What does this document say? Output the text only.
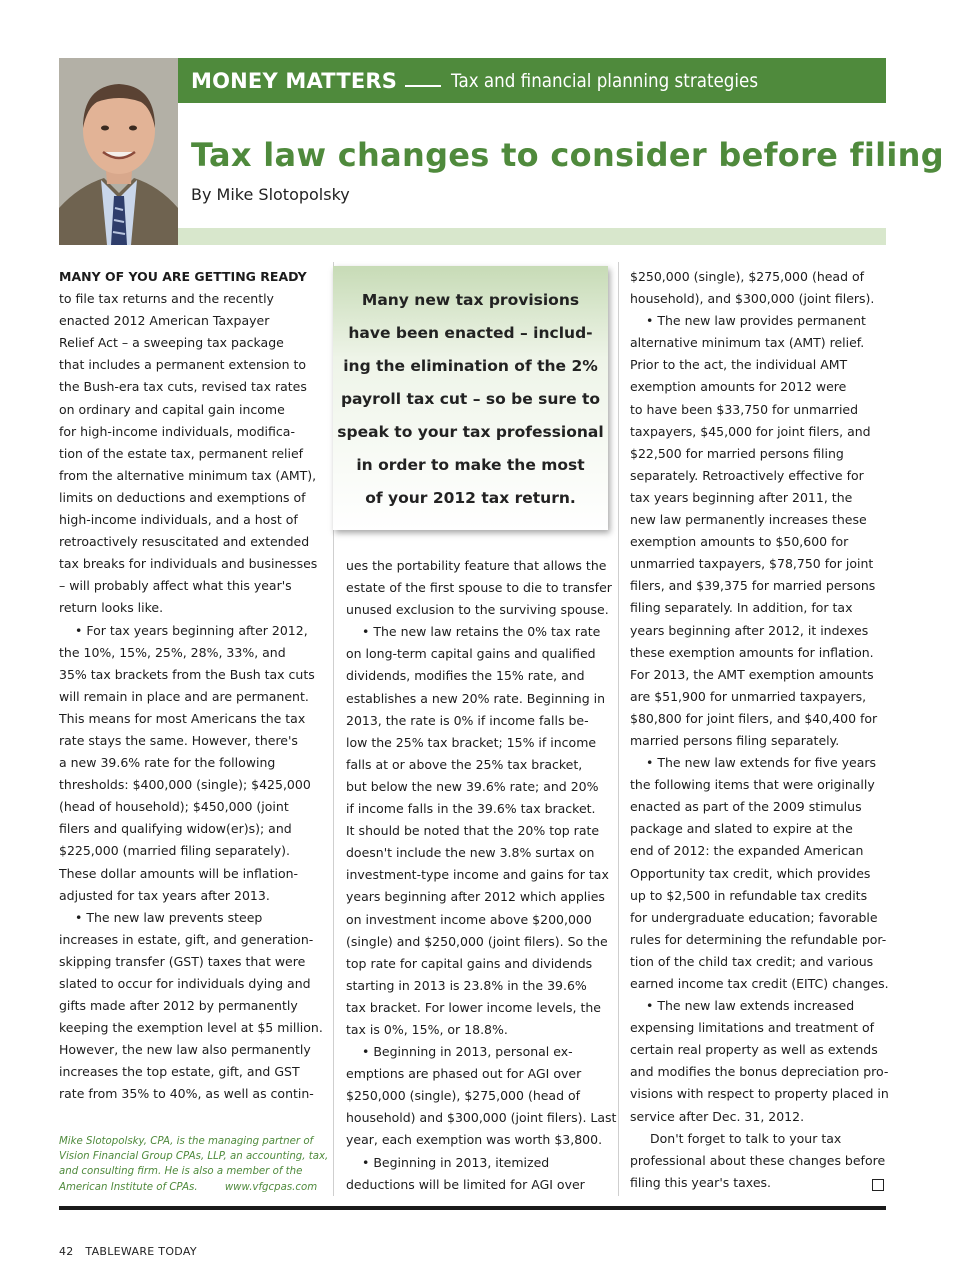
MONEY MATTERS	Tax and financial planning strategies
Tax law changes to consider before filing
By Mike Slotopolsky
MANY OF YOU ARE GETTING READY
to file tax returns and the recently
enacted 2012 American Taxpayer
Relief Act – a sweeping tax package
that includes a permanent extension to
the Bush-era tax cuts, revised tax rates
on ordinary and capital gain income
for high-income individuals, modifica-
tion of the estate tax, permanent relief
from the alternative minimum tax (AMT),
limits on deductions and exemptions of
high-income individuals, and a host of
retroactively resuscitated and extended
tax breaks for individuals and businesses
– will probably affect what this year's
return looks like.
• For tax years beginning after 2012,
the 10%, 15%, 25%, 28%, 33%, and
35% tax brackets from the Bush tax cuts
will remain in place and are permanent.
This means for most Americans the tax
rate stays the same. However, there's
a new 39.6% rate for the following
thresholds: $400,000 (single); $425,000
(head of household); $450,000 (joint
filers and qualifying widow(er)s); and
$225,000 (married filing separately).
These dollar amounts will be inflation-
adjusted for tax years after 2013.
• The new law prevents steep
increases in estate, gift, and generation-
skipping transfer (GST) taxes that were
slated to occur for individuals dying and
gifts made after 2012 by permanently
keeping the exemption level at $5 million.
However, the new law also permanently
increases the top estate, gift, and GST
rate from 35% to 40%, as well as contin-
Many new tax provisions
have been enacted – includ-
ing the elimination of the 2%
payroll tax cut – so be sure to
speak to your tax professional
in order to make the most
of your 2012 tax return.
ues the portability feature that allows the
estate of the first spouse to die to transfer
unused exclusion to the surviving spouse.
• The new law retains the 0% tax rate
on long-term capital gains and qualified
dividends, modifies the 15% rate, and
establishes a new 20% rate. Beginning in
2013, the rate is 0% if income falls be-
low the 25% tax bracket; 15% if income
falls at or above the 25% tax bracket,
but below the new 39.6% rate; and 20%
if income falls in the 39.6% tax bracket.
It should be noted that the 20% top rate
doesn't include the new 3.8% surtax on
investment-type income and gains for tax
years beginning after 2012 which applies
on investment income above $200,000
(single) and $250,000 (joint filers). So the
top rate for capital gains and dividends
starting in 2013 is 23.8% in the 39.6%
tax bracket. For lower income levels, the
tax is 0%, 15%, or 18.8%.
• Beginning in 2013, personal ex-
emptions are phased out for AGI over
$250,000 (single), $275,000 (head of
household) and $300,000 (joint filers). Last
year, each exemption was worth $3,800.
• Beginning in 2013, itemized
deductions will be limited for AGI over
$250,000 (single), $275,000 (head of
household), and $300,000 (joint filers).
• The new law provides permanent
alternative minimum tax (AMT) relief.
Prior to the act, the individual AMT
exemption amounts for 2012 were
to have been $33,750 for unmarried
taxpayers, $45,000 for joint filers, and
$22,500 for married persons filing
separately. Retroactively effective for
tax years beginning after 2011, the
new law permanently increases these
exemption amounts to $50,600 for
unmarried taxpayers, $78,750 for joint
filers, and $39,375 for married persons
filing separately. In addition, for tax
years beginning after 2012, it indexes
these exemption amounts for inflation.
For 2013, the AMT exemption amounts
are $51,900 for unmarried taxpayers,
$80,800 for joint filers, and $40,400 for
married persons filing separately.
• The new law extends for five years
the following items that were originally
enacted as part of the 2009 stimulus
package and slated to expire at the
end of 2012: the expanded American
Opportunity tax credit, which provides
up to $2,500 in refundable tax credits
for undergraduate education; favorable
rules for determining the refundable por-
tion of the child tax credit; and various
earned income tax credit (EITC) changes.
• The new law extends increased
expensing limitations and treatment of
certain real property as well as extends
and modifies the bonus depreciation pro-
visions with respect to property placed in
service after Dec. 31, 2012.
Don't forget to talk to your tax
professional about these changes before
filing this year's taxes.
Mike Slotopolsky, CPA, is the managing partner of
Vision Financial Group CPAs, LLP, an accounting, tax,
and consulting firm. He is also a member of the
American Institute of CPAs.	www.vfgcpas.com
42 TABLEWARE TODAY
